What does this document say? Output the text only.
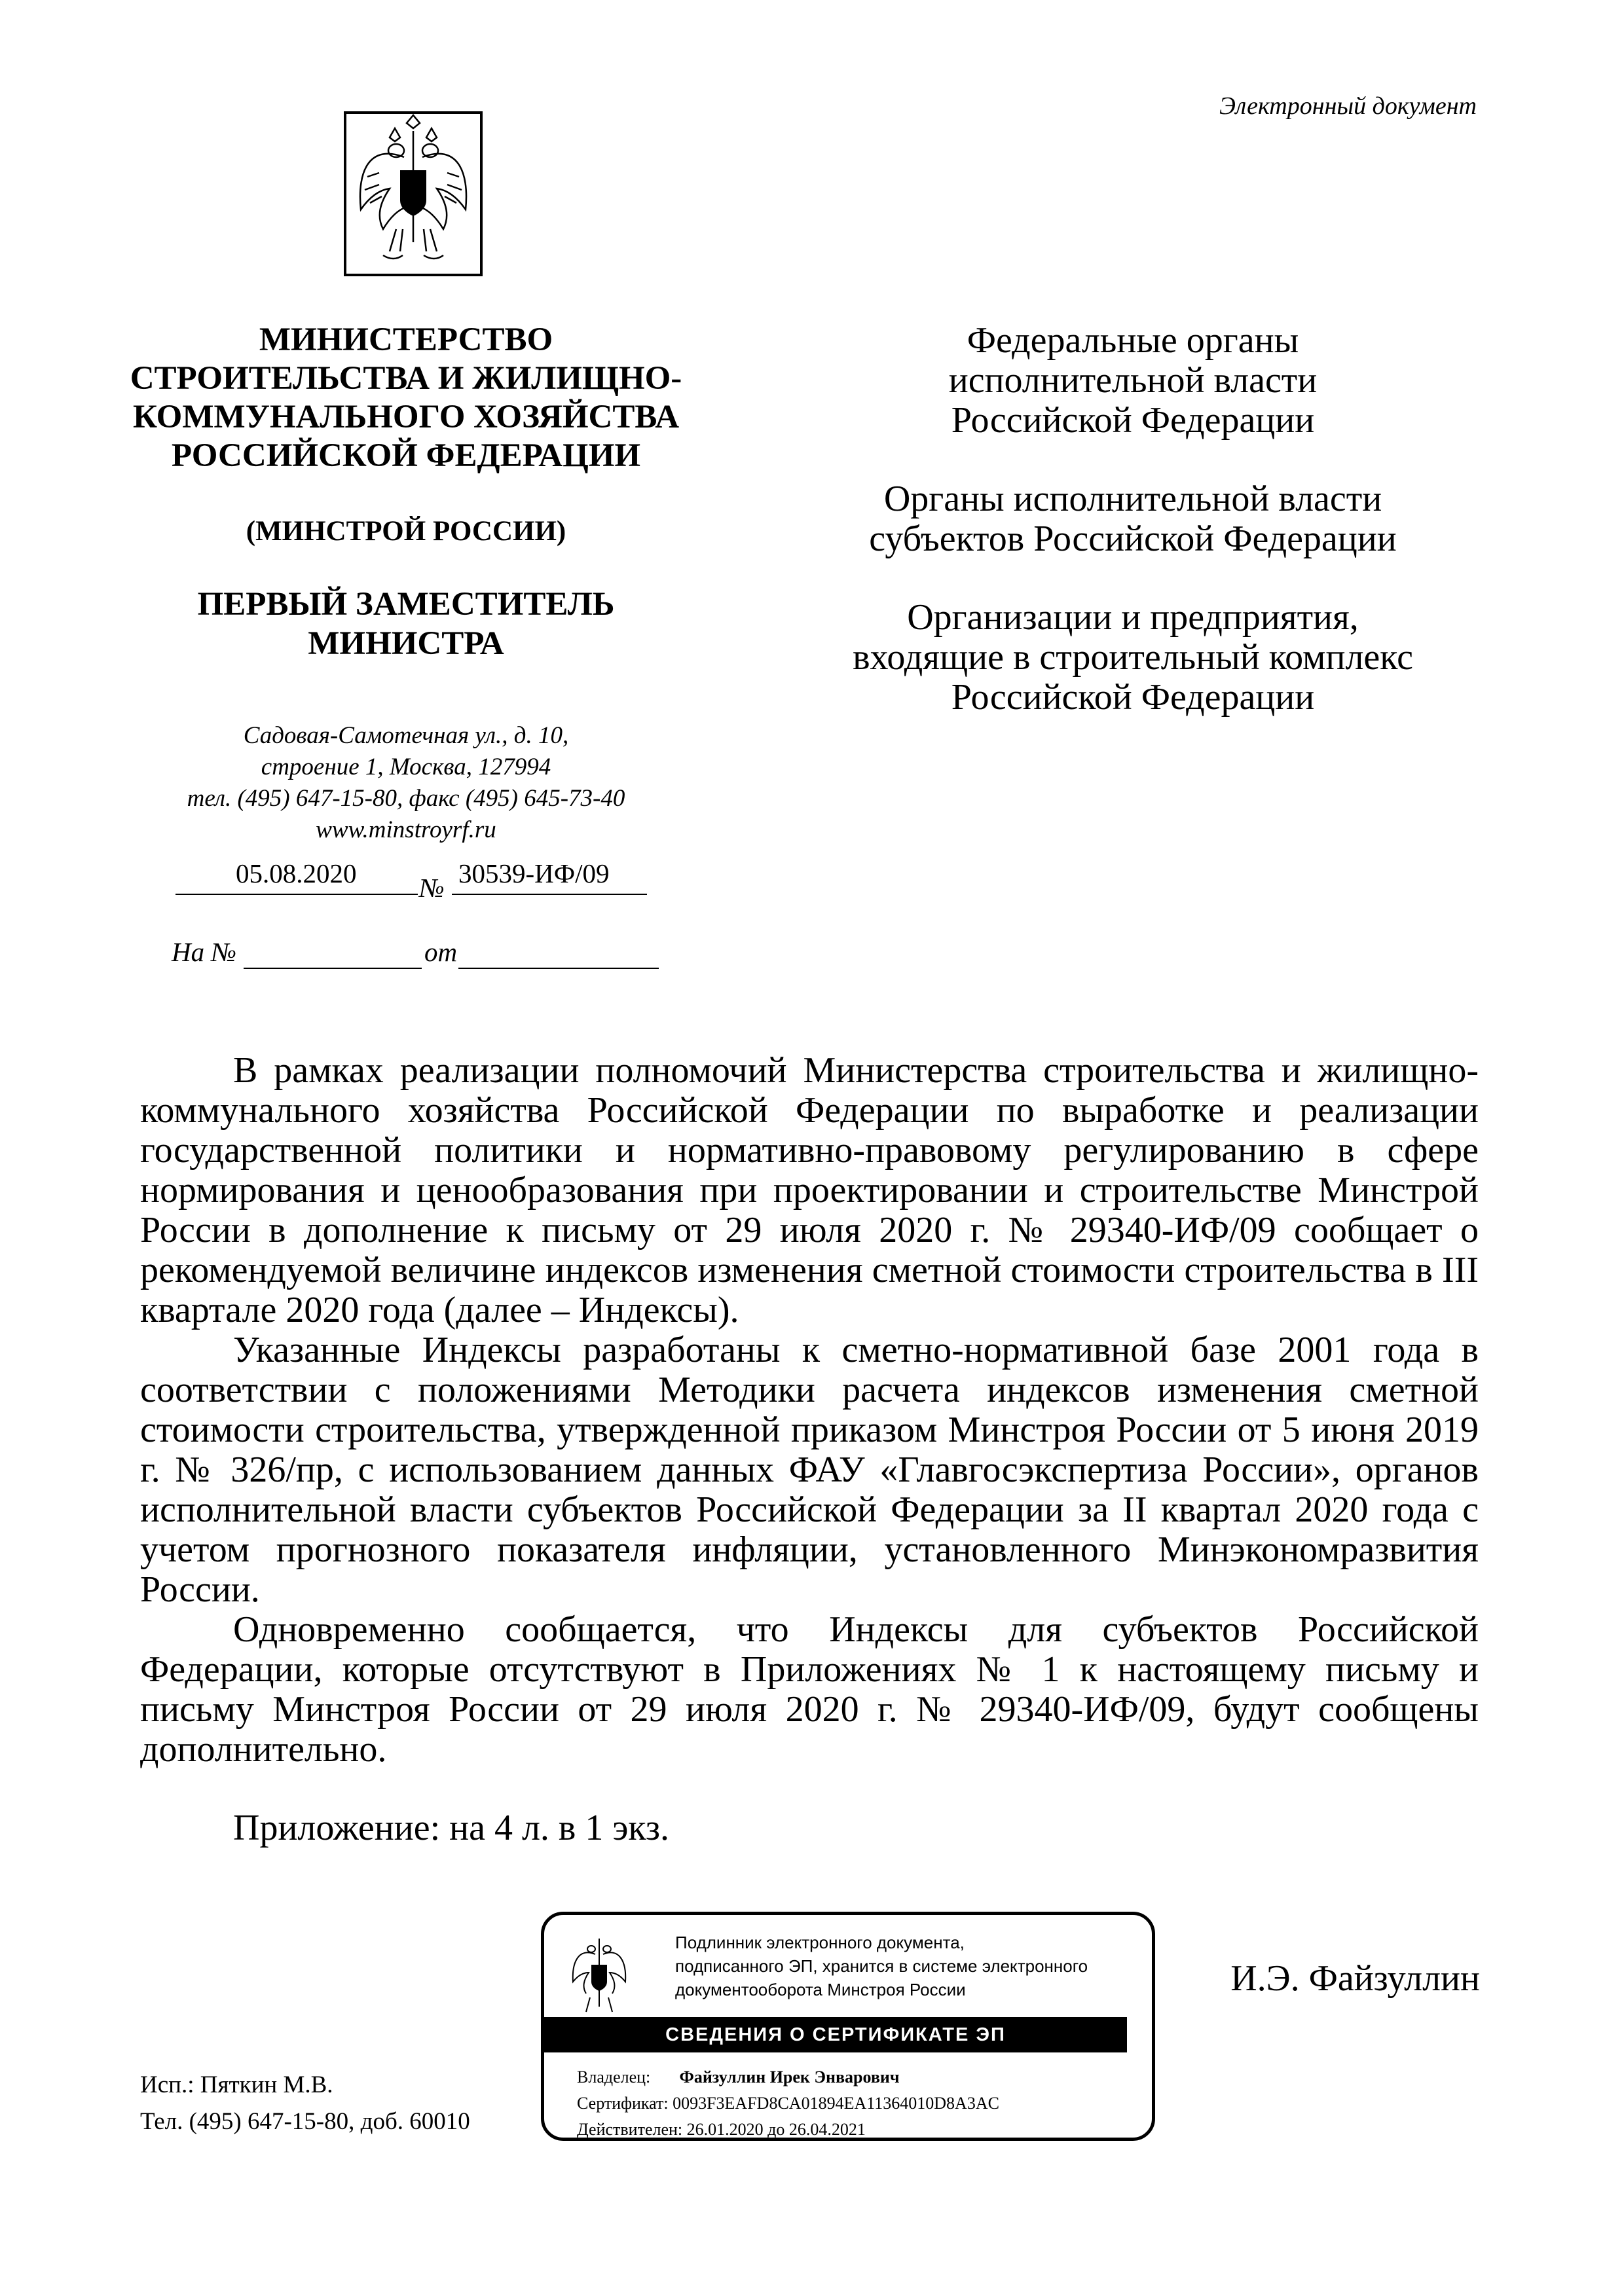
Электронный документ
МИНИСТЕРСТВО
СТРОИТЕЛЬСТВА И ЖИЛИЩНО-
КОММУНАЛЬНОГО ХОЗЯЙСТВА
РОССИЙСКОЙ ФЕДЕРАЦИИ
(МИНСТРОЙ РОССИИ)
ПЕРВЫЙ ЗАМЕСТИТЕЛЬ
МИНИСТРА
Садовая-Самотечная ул., д. 10,
строение 1, Москва, 127994
тел. (495) 647-15-80, факс (495) 645-73-40
www.minstroyrf.ru
05.08.2020 № 30539-ИФ/09
На №	от
Федеральные органы
исполнительной власти
Российской Федерации
Органы исполнительной власти
субъектов Российской Федерации
Организации и предприятия,
входящие в строительный комплекс
Российской Федерации

В рамках реализации полномочий Министерства строительства и жилищно-коммунального хозяйства Российской Федерации по выработке и реализации государственной политики и нормативно-правовому регулированию в сфере нормирования и ценообразования при проектировании и строительстве Минстрой России в дополнение к письму от 29 июля 2020 г. № 29340-ИФ/09 сообщает о рекомендуемой величине индексов изменения сметной стоимости строительства в III квартале 2020 года (далее – Индексы).

Указанные Индексы разработаны к сметно-нормативной базе 2001 года в соответствии с положениями Методики расчета индексов изменения сметной стоимости строительства, утвержденной приказом Минстроя России от 5 июня 2019 г. № 326/пр, с использованием данных ФАУ «Главгосэкспертиза России», органов исполнительной власти субъектов Российской Федерации за II квартал 2020 года с учетом прогнозного показателя инфляции, установленного Минэкономразвития России.

Одновременно сообщается, что Индексы для субъектов Российской Федерации, которые отсутствуют в Приложениях № 1 к настоящему письму и письму Минстроя России от 29 июля 2020 г. № 29340-ИФ/09, будут сообщены дополнительно.

Приложение: на 4 л. в 1 экз.
Подлинник электронного документа,
подписанного ЭП, хранится в системе электронного
документооборота Минстроя России
СВЕДЕНИЯ О СЕРТИФИКАТЕ ЭП
Владелец: Файзуллин Ирек Энварович
Сертификат: 0093F3EAFD8CA01894EA11364010D8A3AC
Действителен: 26.01.2020 до 26.04.2021
И.Э. Файзуллин
Исп.: Пяткин М.В.
Тел. (495) 647-15-80, доб. 60010
